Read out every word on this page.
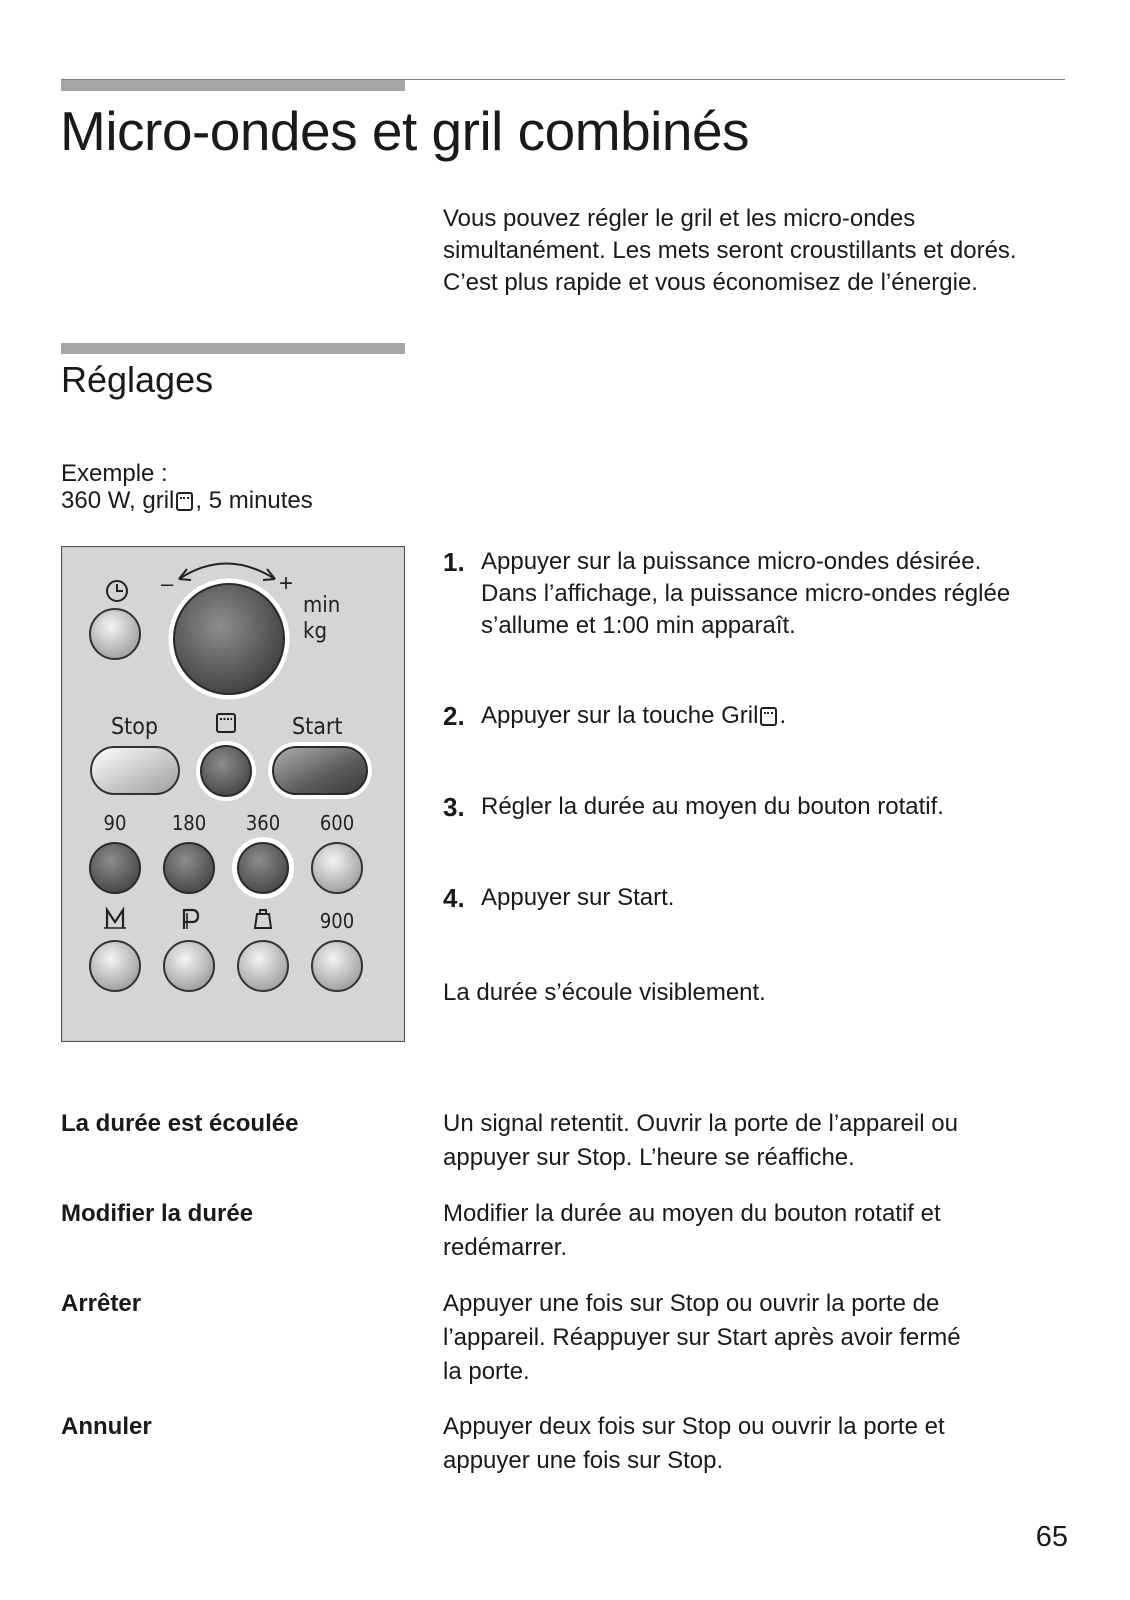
Micro-ondes et gril combinés

Vous pouvez régler le gril et les micro-ondes

simultanément. Les mets seront croustillants et dorés.

C’est plus rapide et vous économisez de l’énergie.

Réglages
Exemple :
360 W, gril , 5 minutes
–	+
min
kg
Stop	Start
90 180 360 600
900
1. Appuyer sur la puissance micro-ondes désirée.
Dans l’affichage, la puissance micro-ondes réglée
s’allume et 1:00 min apparaît.
2. Appuyer sur la touche Gril .
3. Régler la durée au moyen du bouton rotatif.
4. Appuyer sur Start.
La durée s’écoule visiblement.
La durée est écoulée	Un signal retentit. Ouvrir la porte de l’appareil ou
appuyer sur Stop. L’heure se réaffiche.
Modifier la durée	Modifier la durée au moyen du bouton rotatif et
redémarrer.
Arrêter	Appuyer une fois sur Stop ou ouvrir la porte de
l’appareil. Réappuyer sur Start après avoir fermé
la porte.
Annuler	Appuyer deux fois sur Stop ou ouvrir la porte et
appuyer une fois sur Stop.
65
